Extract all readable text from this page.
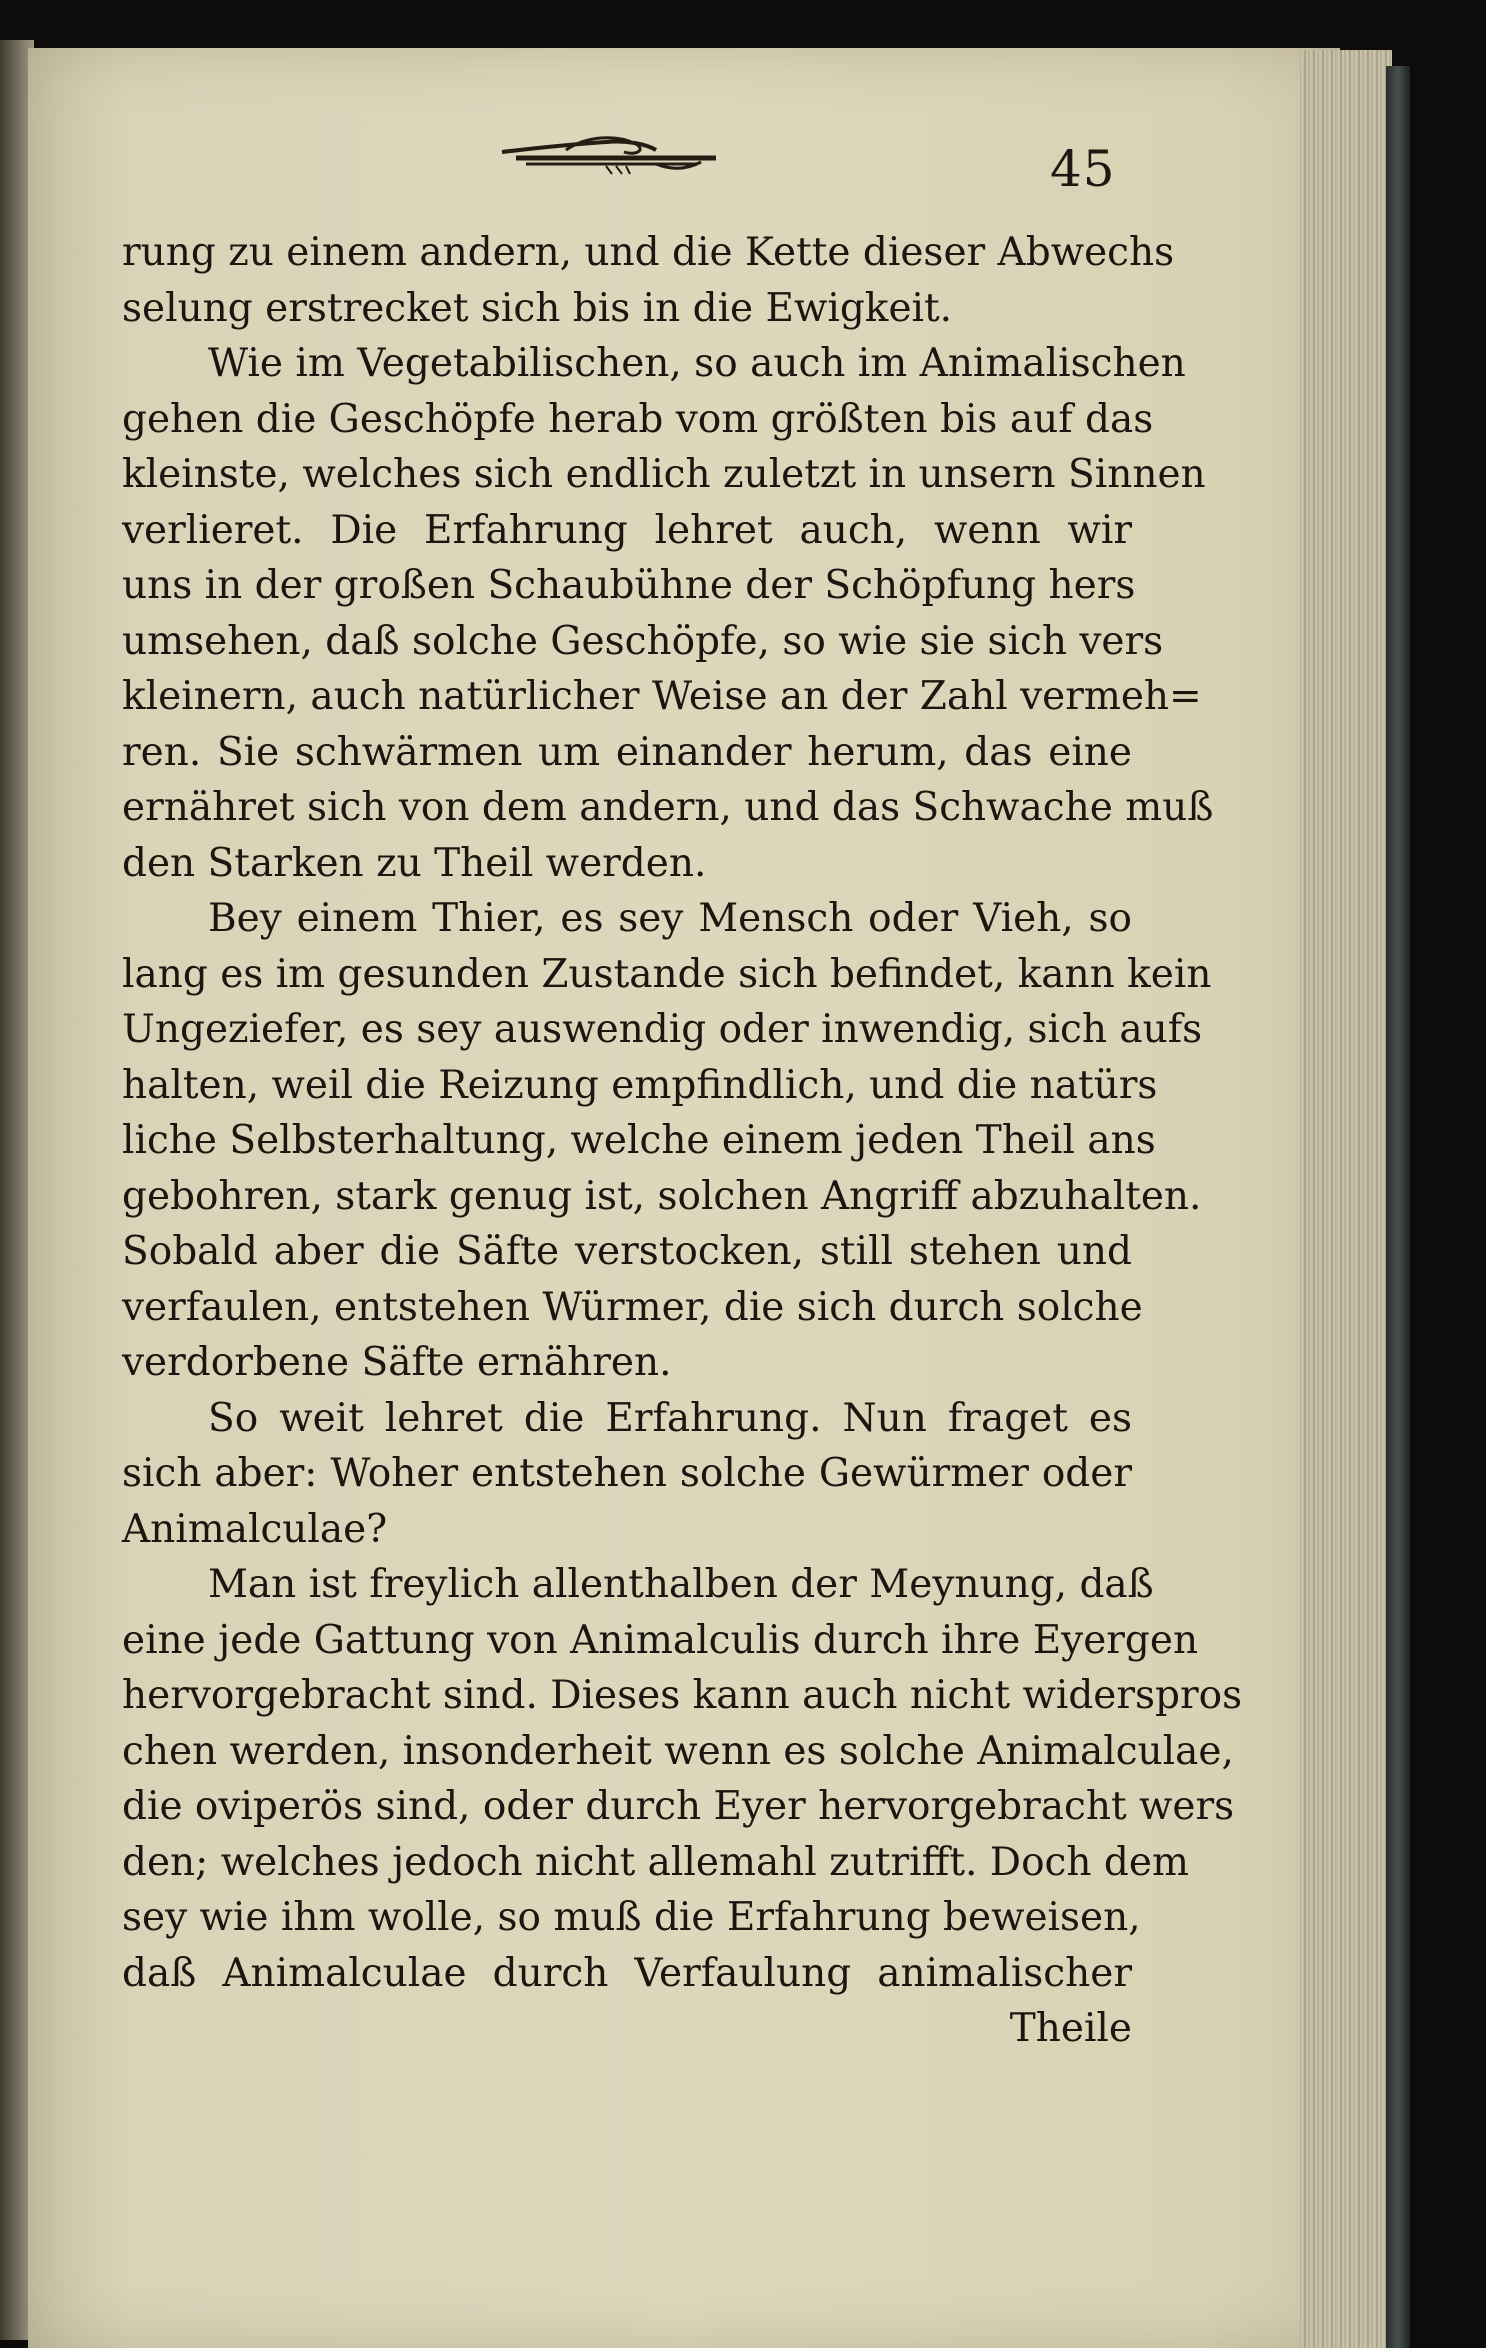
45
rung zu einem andern, und die Kette dieser Abwechs
selung erstrecket sich bis in die Ewigkeit.
Wie im Vegetabilischen, so auch im Animalischen
gehen die Geschöpfe herab vom größten bis auf das
kleinste, welches sich endlich zuletzt in unsern Sinnen
verlieret. Die Erfahrung lehret auch, wenn wir
uns in der großen Schaubühne der Schöpfung hers
umsehen, daß solche Geschöpfe, so wie sie sich vers
kleinern, auch natürlicher Weise an der Zahl vermeh=
ren. Sie schwärmen um einander herum, das eine
ernähret sich von dem andern, und das Schwache muß
den Starken zu Theil werden.
Bey einem Thier, es sey Mensch oder Vieh, so
lang es im gesunden Zustande sich befindet, kann kein
Ungeziefer, es sey auswendig oder inwendig, sich aufs
halten, weil die Reizung empfindlich, und die natürs
liche Selbsterhaltung, welche einem jeden Theil ans
gebohren, stark genug ist, solchen Angriff abzuhalten.
Sobald aber die Säfte verstocken, still stehen und
verfaulen, entstehen Würmer, die sich durch solche
verdorbene Säfte ernähren.
So weit lehret die Erfahrung. Nun fraget es
sich aber: Woher entstehen solche Gewürmer oder
Animalculae?
Man ist freylich allenthalben der Meynung, daß
eine jede Gattung von Animalculis durch ihre Eyergen
hervorgebracht sind. Dieses kann auch nicht widerspros
chen werden, insonderheit wenn es solche Animalculae,
die oviperös sind, oder durch Eyer hervorgebracht wers
den; welches jedoch nicht allemahl zutrifft. Doch dem
sey wie ihm wolle, so muß die Erfahrung beweisen,
daß Animalculae durch Verfaulung animalischer
Theile
